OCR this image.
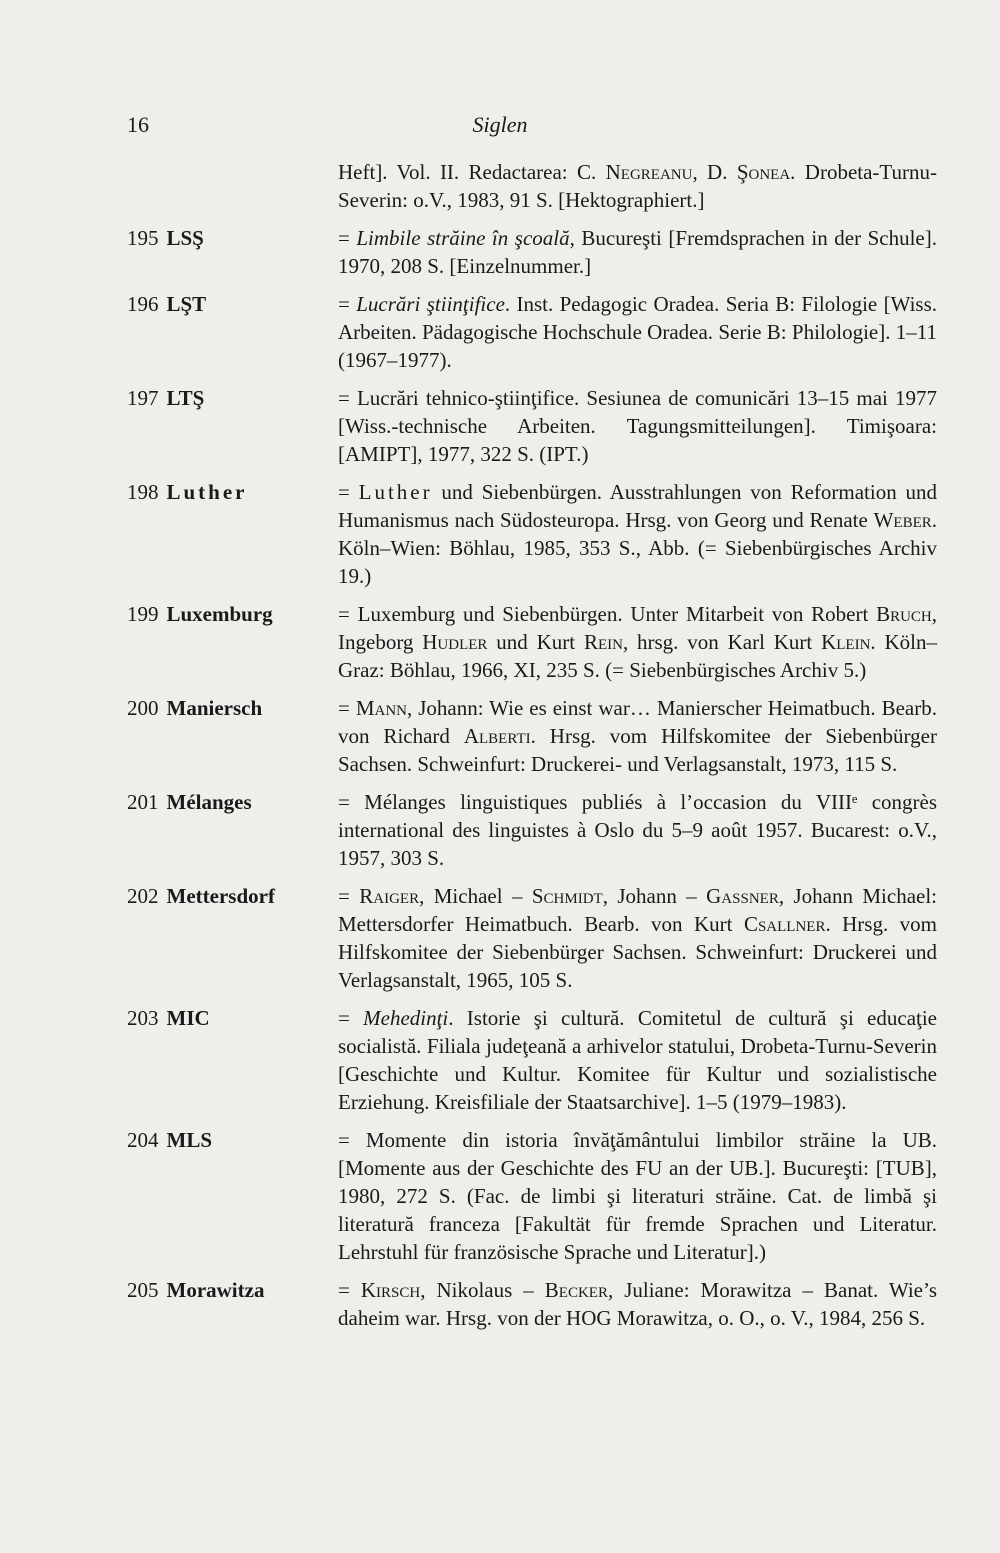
16	Siglen
Heft]. Vol. II. Redactarea: C. Negreanu, D. Şonea. Drobeta-Turnu-Severin: o.V., 1983, 91 S. [Hektographiert.]
195 LSŞ	= Limbile străine în şcoală, Bucureşti [Fremdsprachen in der Schule]. 1970, 208 S. [Einzelnummer.]
196 LŞT	= Lucrări ştiinţifice. Inst. Pedagogic Oradea. Seria B: Filologie [Wiss. Arbeiten. Pädagogische Hochschule Oradea. Serie B: Philologie]. 1–11 (1967–1977).
197 LTŞ	= Lucrări tehnico-ştiinţifice. Sesiunea de comunicări 13–15 mai 1977 [Wiss.-technische Arbeiten. Tagungsmitteilungen]. Timişoara: [AMIPT], 1977, 322 S. (IPT.)
198 Luther	= Luther und Siebenbürgen. Ausstrahlungen von Reformation und Humanismus nach Südosteuropa. Hrsg. von Georg und Renate Weber. Köln–Wien: Böhlau, 1985, 353 S., Abb. (= Siebenbürgisches Archiv 19.)
199 Luxemburg	= Luxemburg und Siebenbürgen. Unter Mitarbeit von Robert Bruch, Ingeborg Hudler und Kurt Rein, hrsg. von Karl Kurt Klein. Köln–Graz: Böhlau, 1966, XI, 235 S. (= Siebenbürgisches Archiv 5.)
200 Maniersch	= Mann, Johann: Wie es einst war… Manierscher Heimatbuch. Bearb. von Richard Alberti. Hrsg. vom Hilfskomitee der Siebenbürger Sachsen. Schweinfurt: Druckerei- und Verlagsanstalt, 1973, 115 S.
201 Mélanges	= Mélanges linguistiques publiés à l’occasion du VIIIᵉ congrès international des linguistes à Oslo du 5–9 août 1957. Bucarest: o.V., 1957, 303 S.
202 Mettersdorf	= Raiger, Michael – Schmidt, Johann – Gassner, Johann Michael: Mettersdorfer Heimatbuch. Bearb. von Kurt Csallner. Hrsg. vom Hilfskomitee der Siebenbürger Sachsen. Schweinfurt: Druckerei und Verlagsanstalt, 1965, 105 S.
203 MIC	= Mehedinţi. Istorie şi cultură. Comitetul de cultură şi educaţie socialistă. Filiala judeţeană a arhivelor statului, Drobeta-Turnu-Severin [Geschichte und Kultur. Komitee für Kultur und sozialistische Erziehung. Kreisfiliale der Staatsarchive]. 1–5 (1979–1983).
204 MLS	= Momente din istoria învăţământului limbilor străine la UB. [Momente aus der Geschichte des FU an der UB.]. Bucureşti: [TUB], 1980, 272 S. (Fac. de limbi şi literaturi străine. Cat. de limbă şi literatură franceza [Fakultät für fremde Sprachen und Literatur. Lehrstuhl für französische Sprache und Literatur].)
205 Morawitza	= Kirsch, Nikolaus – Becker, Juliane: Morawitza – Banat. Wie’s daheim war. Hrsg. von der HOG Morawitza, o. O., o. V., 1984, 256 S.
